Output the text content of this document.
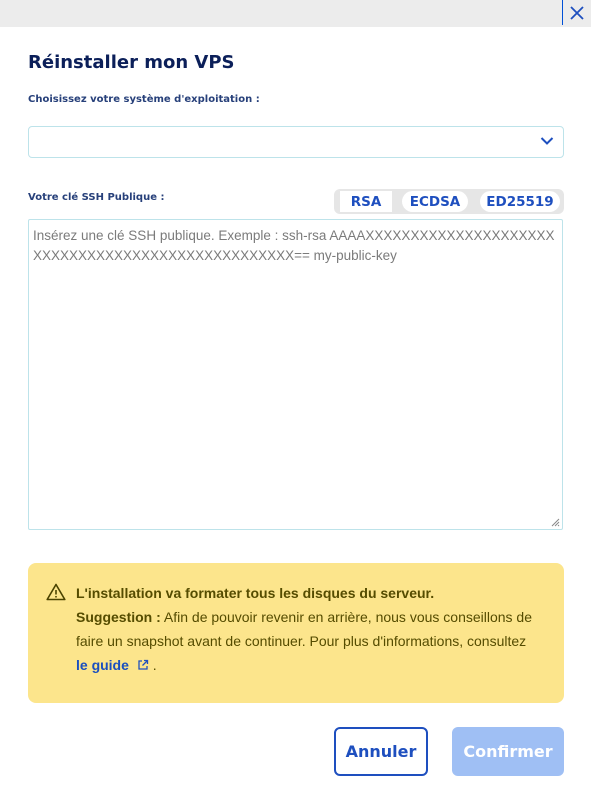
Réinstaller mon VPS
Choisissez votre système d'exploitation :
Votre clé SSH Publique :	RSA	ECDSA	ED25519
Insérez une clé SSH publique. Exemple : ssh-rsa AAAAXXXXXXXXXXXXXXXXXXXXXXXXXXXXXXXXXXXXXXXXXXXXXXXXXX== my-public-key
L'installation va formater tous les disques du serveur.
Suggestion : Afin de pouvoir revenir en arrière, nous vous conseillons de faire un snapshot avant de continuer. Pour plus d'informations, consultez le guide .
Annuler	Confirmer
